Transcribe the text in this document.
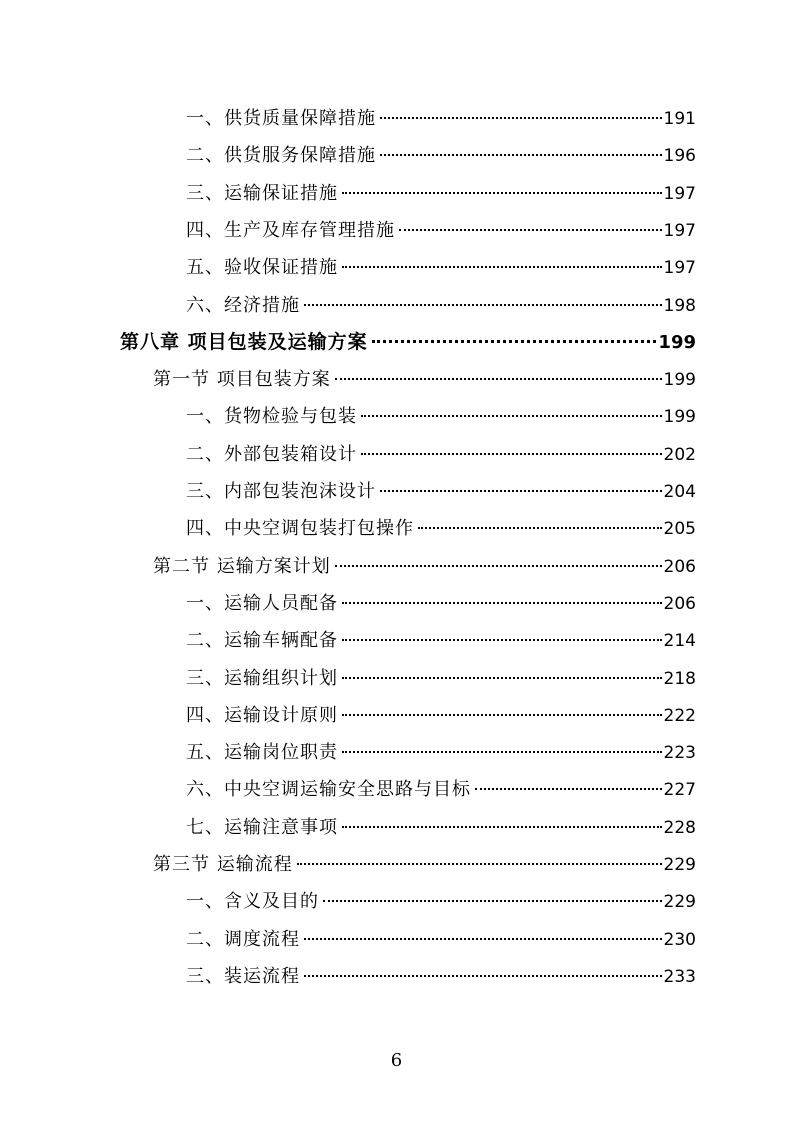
一、供货质量保障措施	191
二、供货服务保障措施	196
三、运输保证措施	197
四、生产及库存管理措施	197
五、验收保证措施	197
六、经济措施	198
第八章 项目包装及运输方案	199
第一节 项目包装方案	199
一、货物检验与包装	199
二、外部包装箱设计	202
三、内部包装泡沫设计	204
四、中央空调包装打包操作	205
第二节 运输方案计划	206
一、运输人员配备	206
二、运输车辆配备	214
三、运输组织计划	218
四、运输设计原则	222
五、运输岗位职责	223
六、中央空调运输安全思路与目标	227
七、运输注意事项	228
第三节 运输流程	229
一、含义及目的	229
二、调度流程	230
三、装运流程	233
6
